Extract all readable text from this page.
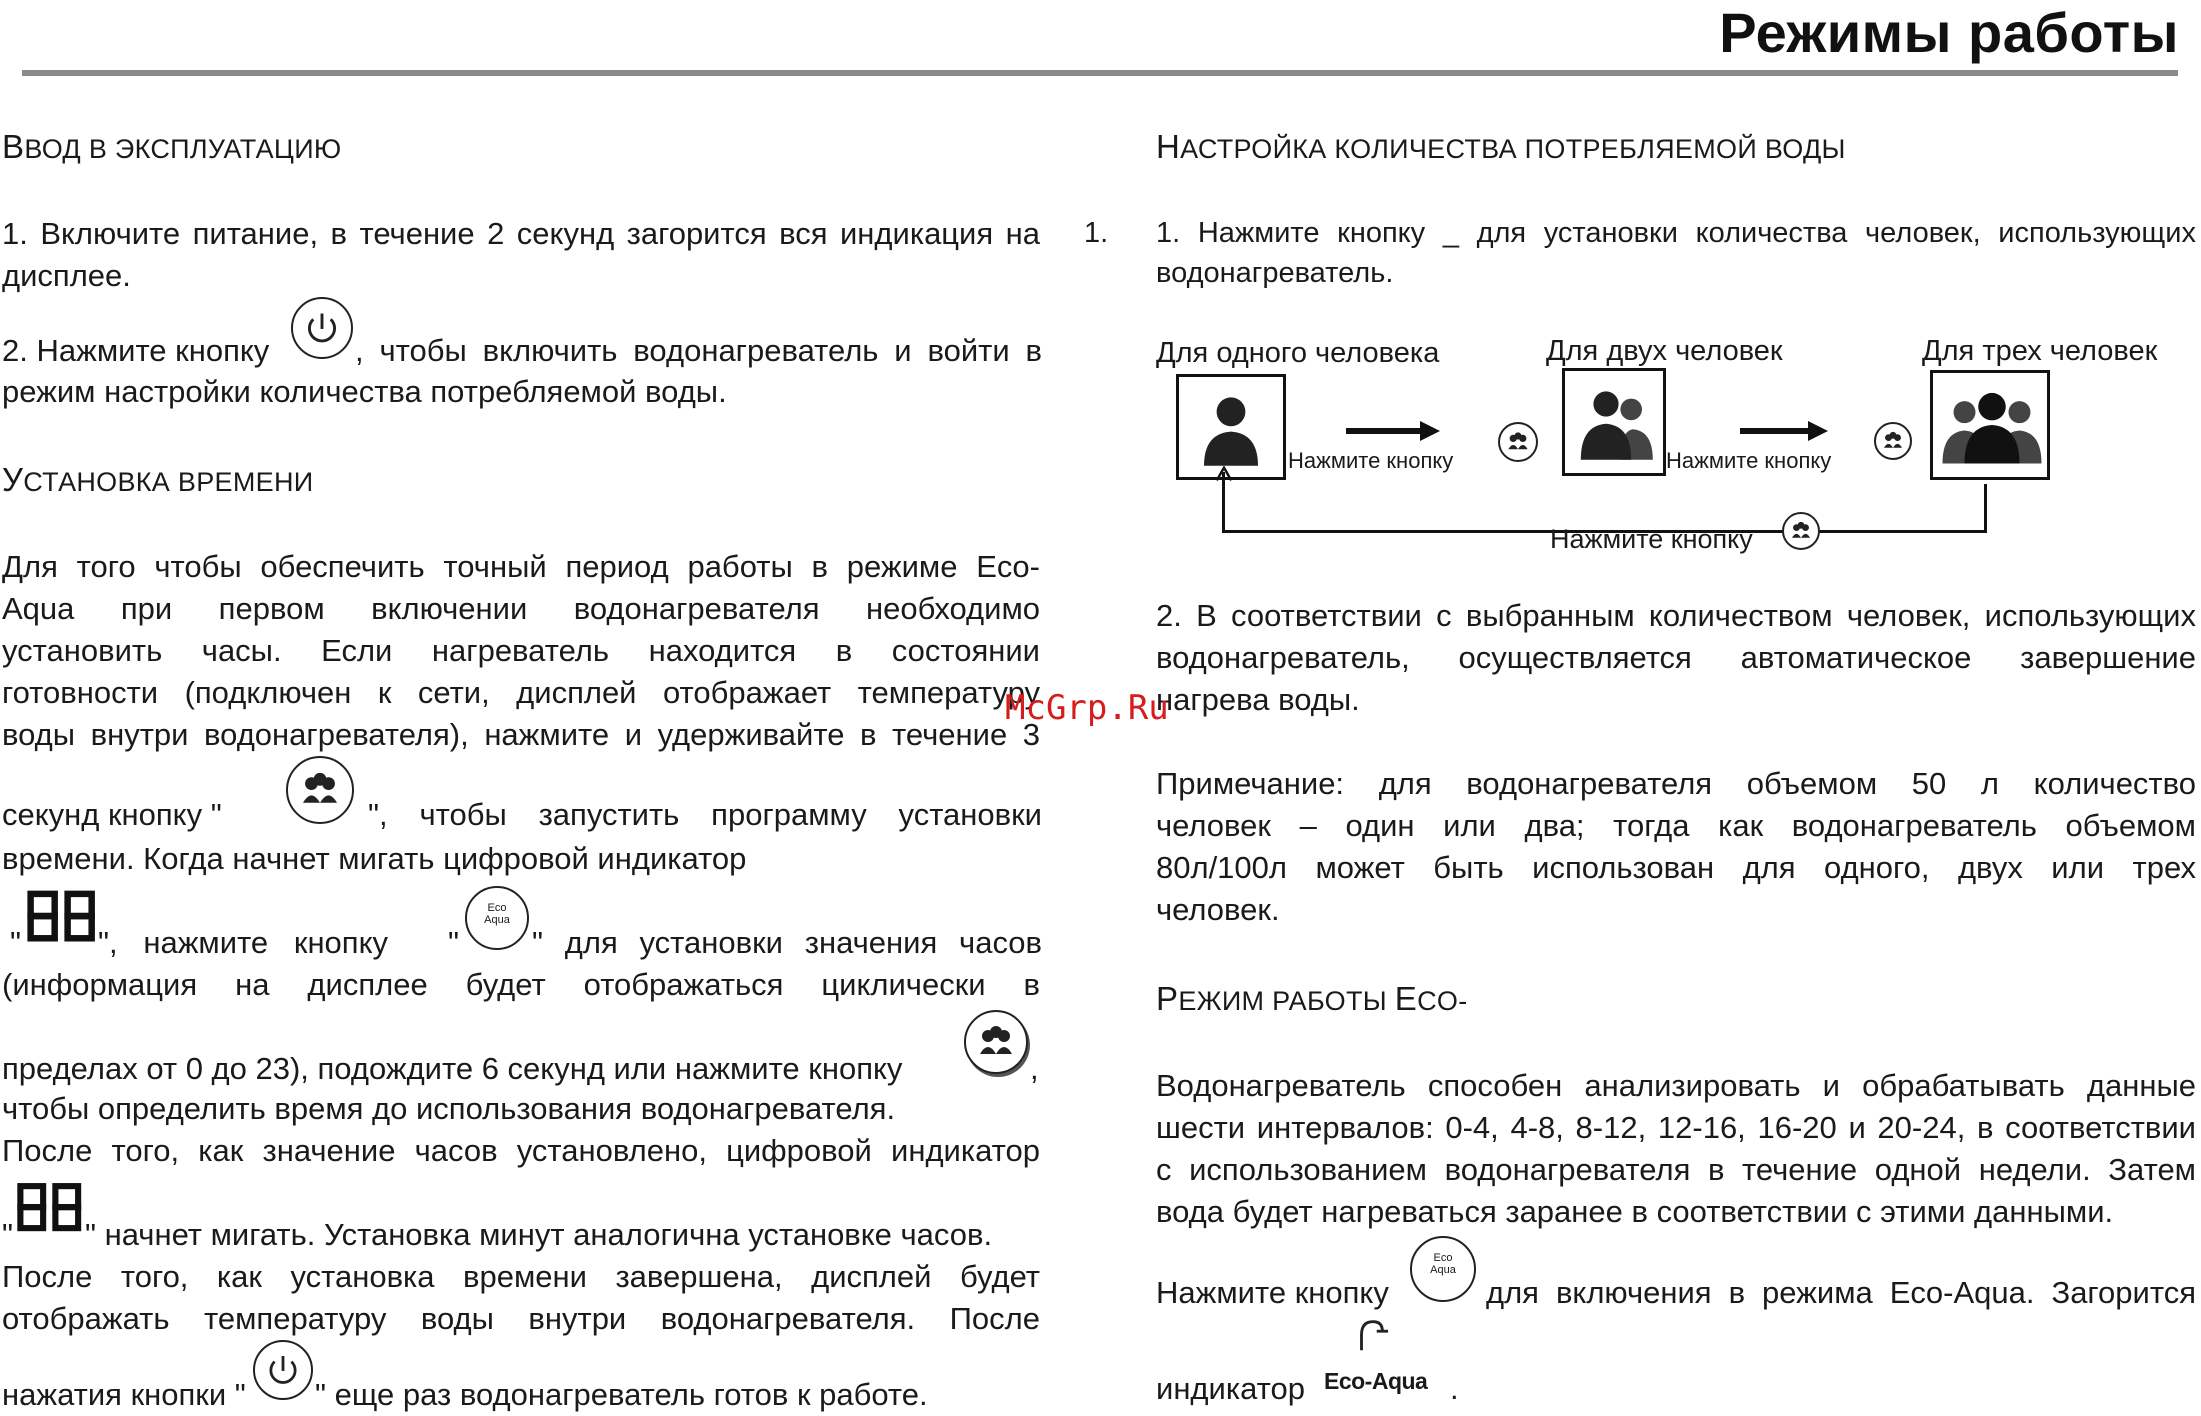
Режимы работы
ВВОД В ЭКСПЛУАТАЦИЮ
1. Включите питание, в течение 2 секунд загорится вся индикация на
дисплее.
2. Нажмите кнопку	, чтобы включить водонагреватель и войти в
режим настройки количества потребляемой воды.
УСТАНОВКА ВРЕМЕНИ
Для того чтобы обеспечить точный период работы в режиме Eco-
Aqua при первом включении водонагревателя необходимо
установить часы. Если нагреватель находится в состоянии
готовности (подключен к сети, дисплей отображает температуру
воды внутри водонагревателя), нажмите и удерживайте в течение 3
секунд кнопку "	", чтобы запустить программу установки
времени. Когда начнет мигать цифровой индикатор
" ", нажмите кнопку "
Eco
Aqua
" для установки значения часов
(информация на дисплее будет отображаться циклически в
пределах от 0 до 23), подождите 6 секунд или нажмите кнопку	,
чтобы определить время до использования водонагревателя.
После того, как значение часов установлено, цифровой индикатор
" " начнет мигать. Установка минут аналогична установке часов.
После того, как установка времени завершена, дисплей будет
отображать температуру воды внутри водонагревателя. После
нажатия кнопки " " еще раз водонагреватель готов к работе.
НАСТРОЙКА КОЛИЧЕСТВА ПОТРЕБЛЯЕМОЙ ВОДЫ
1. 1. Нажмите кнопку _ для установки количества человек, использующих
водонагреватель.
Для одного человека	Для двух человек	Для трех человек
Нажмите кнопку	Нажмите кнопку
Нажмите кнопку
2. В соответствии с выбранным количеством человек, использующих
водонагреватель, осуществляется автоматическое завершение
нагрева воды.
Примечание: для водонагревателя объемом 50 л количество
человек – один или два; тогда как водонагреватель объемом
80л/100л может быть использован для одного, двух или трех
человек.
РЕЖИМ РАБОТЫ ECO-
Водонагреватель способен анализировать и обрабатывать данные
шести интервалов: 0-4, 4-8, 8-12, 12-16, 16-20 и 20-24, в соответствии
с использованием водонагревателя в течение одной недели. Затем
вода будет нагреваться заранее в соответствии с этими данными.
Нажмите кнопку
Eco
Aqua
для включения в режима Eco-Aqua. Загорится
индикатор Eco-Aqua .
McGrp.Ru
